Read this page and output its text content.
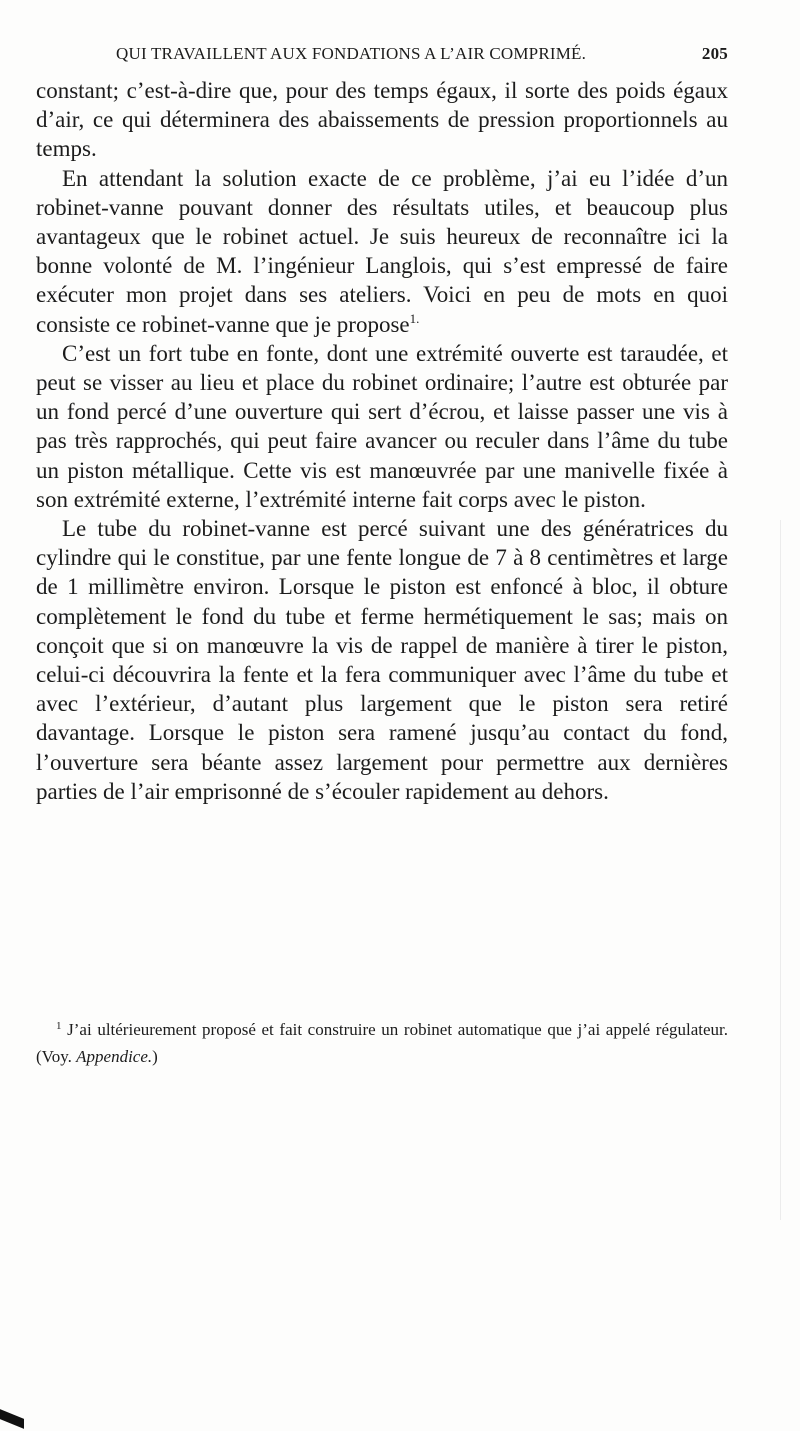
QUI TRAVAILLENT AUX FONDATIONS A L’AIR COMPRIMÉ.	205

constant; c’est-à-dire que, pour des temps égaux, il sorte des poids égaux d’air, ce qui déterminera des abaissements de pression proportionnels au temps.

En attendant la solution exacte de ce problème, j’ai eu l’idée d’un robinet-vanne pouvant donner des résultats utiles, et beaucoup plus avantageux que le robinet actuel. Je suis heureux de reconnaître ici la bonne volonté de M. l’ingénieur Langlois, qui s’est empressé de faire exécuter mon projet dans ses ateliers. Voici en peu de mots en quoi consiste ce robinet-vanne que je propose$^{1.}$

C’est un fort tube en fonte, dont une extrémité ouverte est taraudée, et peut se visser au lieu et place du robinet ordinaire; l’autre est obturée par un fond percé d’une ouverture qui sert d’écrou, et laisse passer une vis à pas très rapprochés, qui peut faire avancer ou reculer dans l’âme du tube un piston métallique. Cette vis est manœuvrée par une manivelle fixée à son extrémité externe, l’extrémité interne fait corps avec le piston.

Le tube du robinet-vanne est percé suivant une des génératrices du cylindre qui le constitue, par une fente longue de 7 à 8 centimètres et large de 1 millimètre environ. Lorsque le piston est enfoncé à bloc, il obture complètement le fond du tube et ferme hermétiquement le sas; mais on conçoit que si on manœuvre la vis de rappel de manière à tirer le piston, celui-ci découvrira la fente et la fera communiquer avec l’âme du tube et avec l’extérieur, d’autant plus largement que le piston sera retiré davantage. Lorsque le piston sera ramené jusqu’au contact du fond, l’ouverture sera béante assez largement pour permettre aux dernières parties de l’air emprisonné de s’écouler rapidement au dehors.

$^1$ J’ai ultérieurement proposé et fait construire un robinet automatique que j’ai appelé régulateur. (Voy. Appendice.)
